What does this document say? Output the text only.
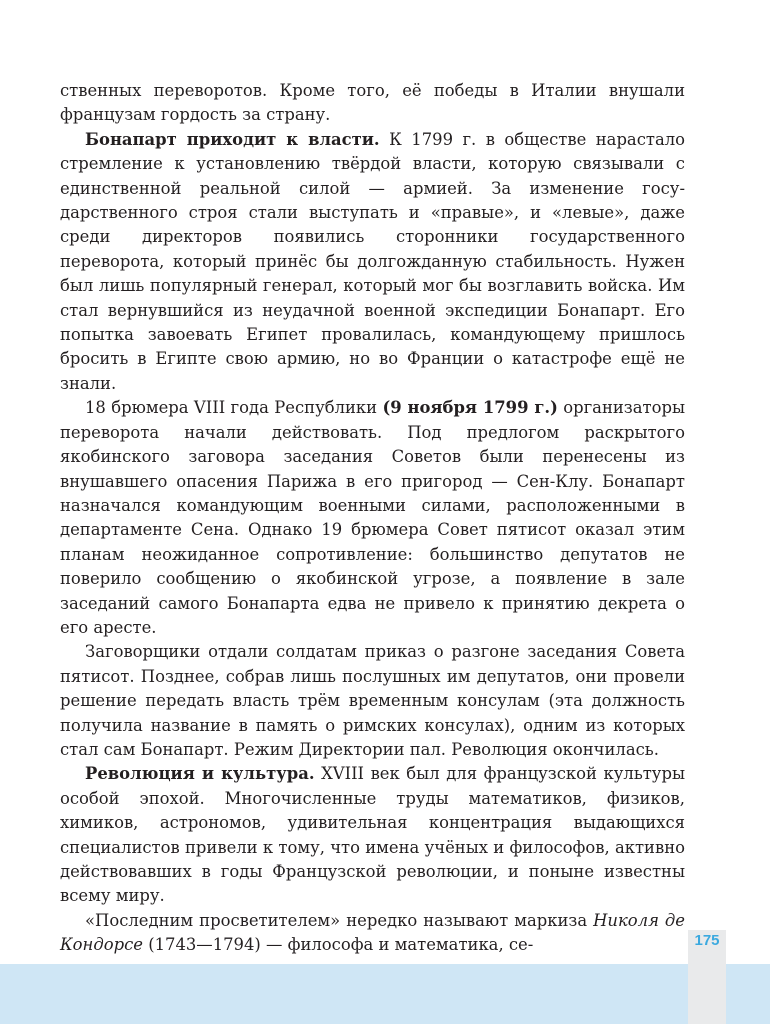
ственных переворотов. Кроме того, её победы в Италии внушали французам гордость за страну.

Бонапарт приходит к власти. К 1799 г. в обществе нарастало стремление к установлению твёрдой власти, которую связывали с единственной реальной силой — армией. За изменение государственного строя стали выступать и «правые», и «левые», даже среди директоров появились сторонники государственного переворота, который принёс бы долгожданную стабильность. Нужен был лишь популярный генерал, который мог бы возглавить войска. Им стал вернувшийся из неудачной военной экспедиции Бонапарт. Его попытка завоевать Египет провалилась, командующему пришлось бросить в Египте свою армию, но во Франции о катастрофе ещё не знали.

18 брюмера VIII года Республики (9 ноября 1799 г.) организаторы переворота начали действовать. Под предлогом раскрытого якобинского заговора заседания Советов были перенесены из внушавшего опасения Парижа в его пригород — Сен-Клу. Бонапарт назначался командующим военными силами, расположенными в департаменте Сена. Однако 19 брюмера Совет пятисот оказал этим планам неожиданное сопротивление: большинство депутатов не поверило сообщению о якобинской угрозе, а появление в зале заседаний самого Бонапарта едва не привело к принятию декрета о его аресте.

Заговорщики отдали солдатам приказ о разгоне заседания Совета пятисот. Позднее, собрав лишь послушных им депутатов, они провели решение передать власть трём временным консулам (эта должность получила название в память о римских консулах), одним из которых стал сам Бонапарт. Режим Директории пал. Революция окончилась.

Революция и культура. XVIII век был для французской культуры особой эпохой. Многочисленные труды математиков, физиков, химиков, астрономов, удивительная концентрация выдающихся специалистов привели к тому, что имена учёных и философов, активно действовавших в годы Французской революции, и поныне известны всему миру.

«Последним просветителем» нередко называют маркиза Николя де Кондорсе (1743—1794) — философа и математика, се-	175
